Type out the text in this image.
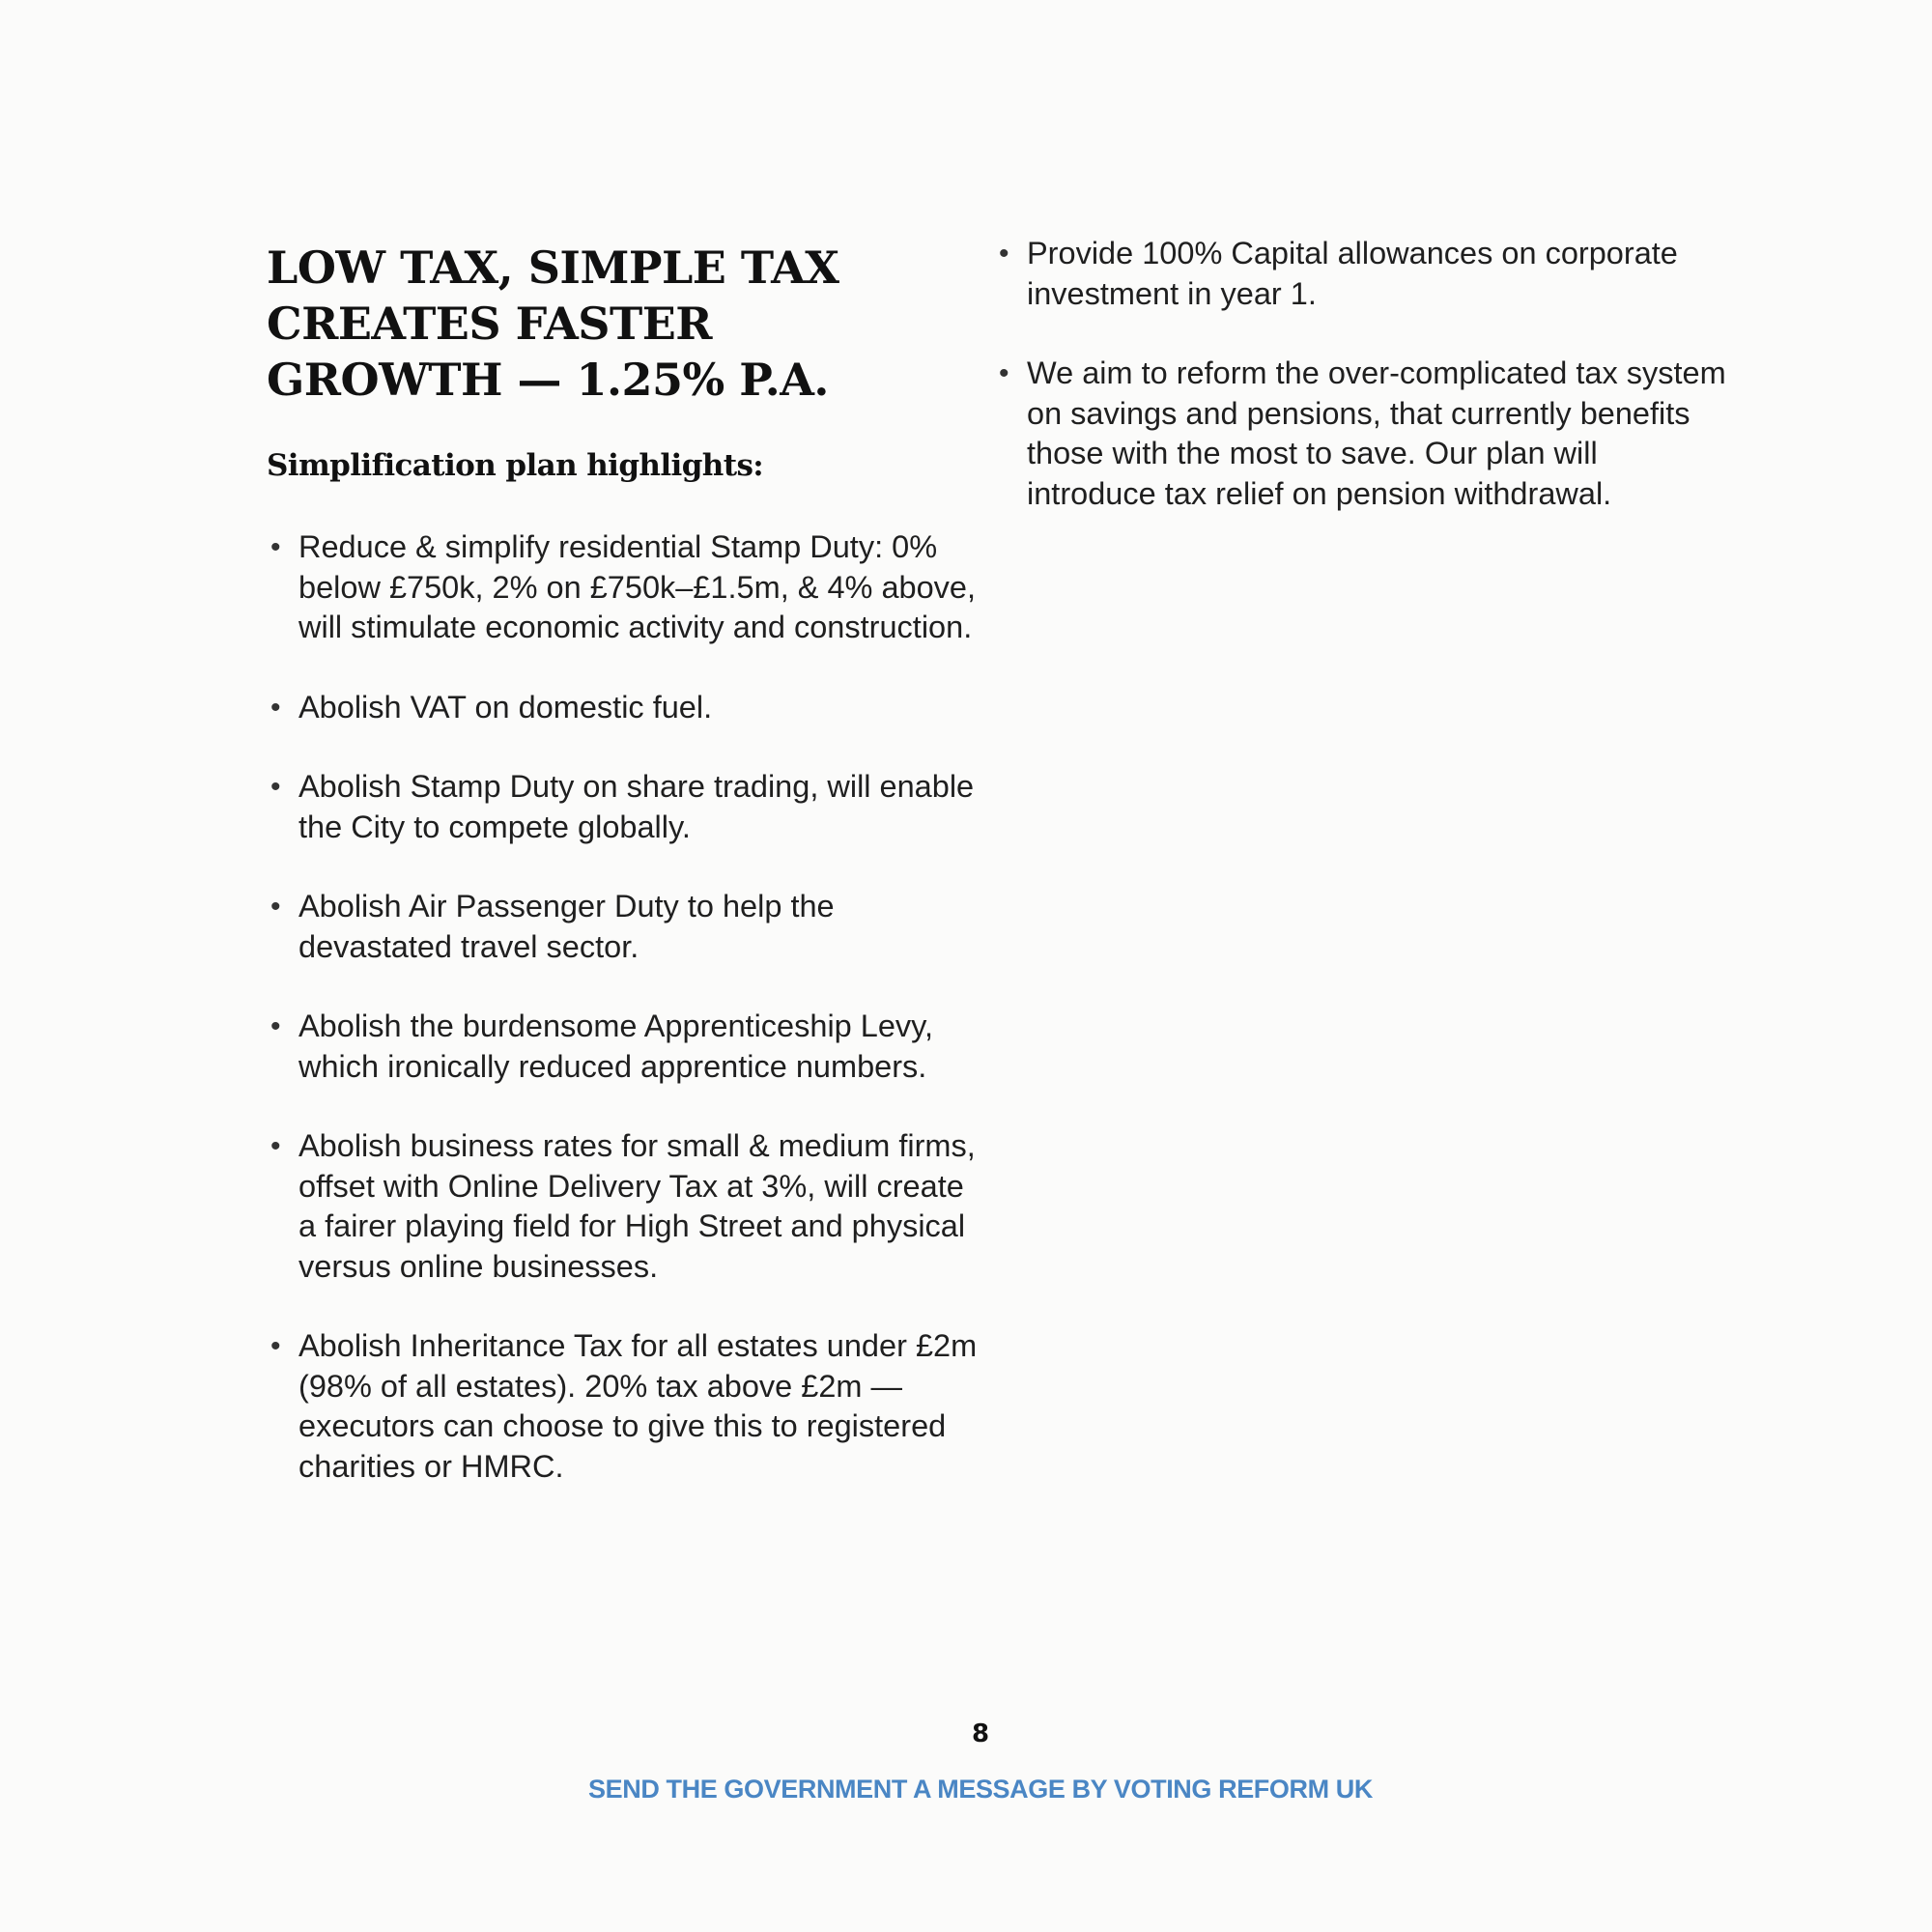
LOW TAX, SIMPLE TAX
CREATES FASTER
GROWTH — 1.25% P.A.
Simplification plan highlights:
• Reduce & simplify residential Stamp Duty: 0% below £750k, 2% on £750k–£1.5m, & 4% above, will stimulate economic activity and construction.
• Abolish VAT on domestic fuel.
• Abolish Stamp Duty on share trading, will enable the City to compete globally.
• Abolish Air Passenger Duty to help the devastated travel sector.
• Abolish the burdensome Apprenticeship Levy, which ironically reduced apprentice numbers.
• Abolish business rates for small & medium firms, offset with Online Delivery Tax at 3%, will create a fairer playing field for High Street and physical versus online businesses.
• Abolish Inheritance Tax for all estates under £2m (98% of all estates). 20% tax above £2m — executors can choose to give this to registered charities or HMRC.
• Provide 100% Capital allowances on corporate investment in year 1.
• We aim to reform the over-complicated tax system on savings and pensions, that currently benefits those with the most to save. Our plan will introduce tax relief on pension withdrawal.
8
SEND THE GOVERNMENT A MESSAGE BY VOTING REFORM UK
